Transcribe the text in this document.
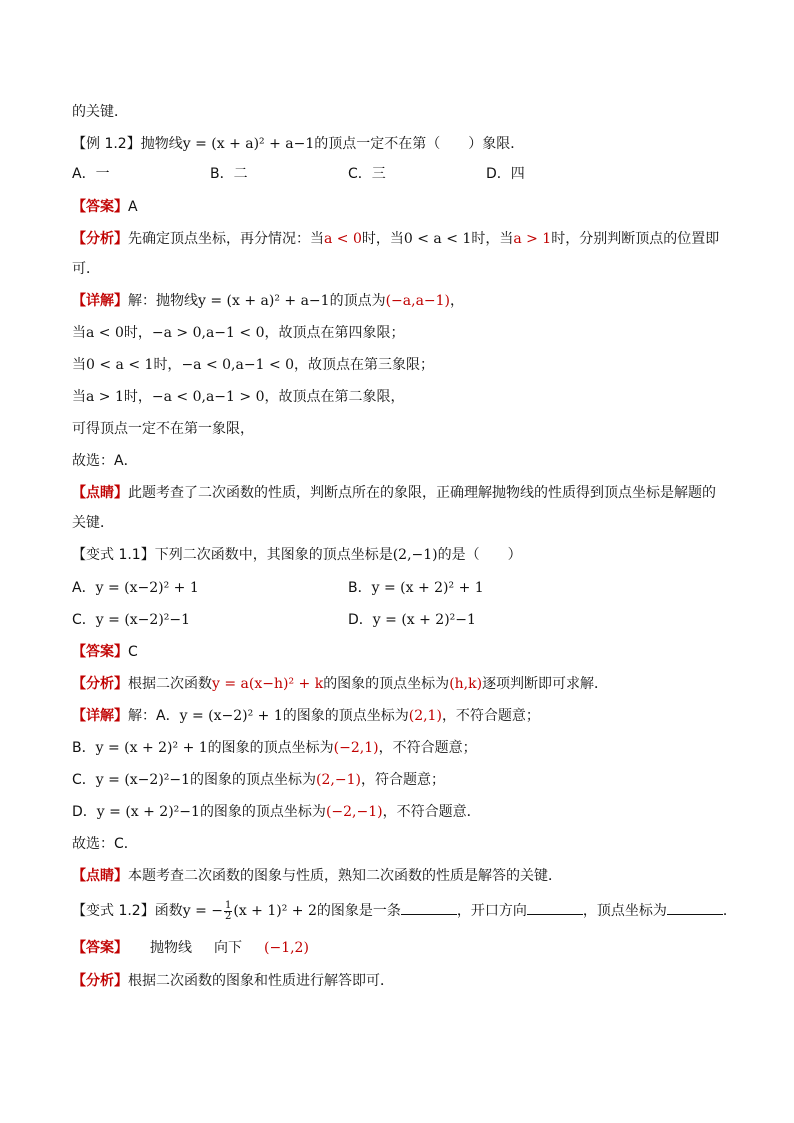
的关键．
【例 1.2】抛物线y = (x + a)² + a−1的顶点一定不在第（　　）象限．
A．一	B．二	C．三	D．四
【答案】A
【分析】先确定顶点坐标，再分情况：当a < 0时，当0 < a < 1时，当a > 1时，分别判断顶点的位置即
可．
【详解】解：抛物线y = (x + a)² + a−1的顶点为(−a,a−1)，
当a < 0时，−a > 0,a−1 < 0，故顶点在第四象限；
当0 < a < 1时，−a < 0,a−1 < 0，故顶点在第三象限；
当a > 1时，−a < 0,a−1 > 0，故顶点在第二象限，
可得顶点一定不在第一象限，
故选：A．
【点睛】此题考查了二次函数的性质，判断点所在的象限，正确理解抛物线的性质得到顶点坐标是解题的
关键．
【变式 1.1】下列二次函数中，其图象的顶点坐标是(2,−1)的是（　　）
A．y = (x−2)² + 1	B．y = (x + 2)² + 1
C．y = (x−2)²−1	D．y = (x + 2)²−1
【答案】C
【分析】根据二次函数y = a(x−h)² + k的图象的顶点坐标为(h,k)逐项判断即可求解．
【详解】解：A．y = (x−2)² + 1的图象的顶点坐标为(2,1)，不符合题意；
B．y = (x + 2)² + 1的图象的顶点坐标为(−2,1)，不符合题意；
C．y = (x−2)²−1的图象的顶点坐标为(2,−1)，符合题意；
D．y = (x + 2)²−1的图象的顶点坐标为(−2,−1)，不符合题意．
故选：C．
【点睛】本题考查二次函数的图象与性质，熟知二次函数的性质是解答的关键．
【变式 1.2】函数y = − $\frac{1}{2} (x + 1)^2 + 2$的图象是一条	，开口方向	，顶点坐标为	．
【答案】 抛物线 向下 (−1,2)
【分析】根据二次函数的图象和性质进行解答即可．
